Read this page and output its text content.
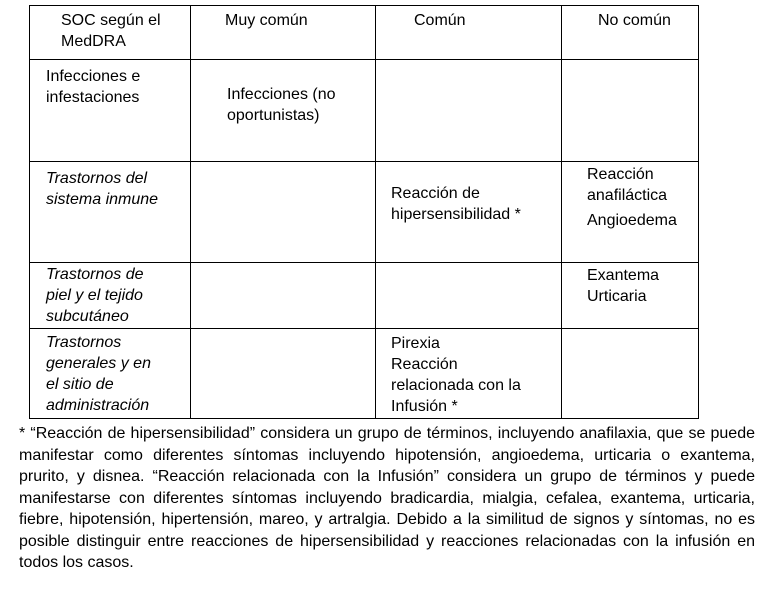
SOC según el
MedDRA	Muy común	Común	No común

Infecciones e
infestaciones	Infecciones (no
oportunistas)		

Trastornos del
sistema inmune		Reacción de
hipersensibilidad *	Reacción
anafiláctica
Angioedema

Trastornos de
piel y el tejido
subcutáneo			Exantema
Urticaria

Trastornos
generales y en
el sitio de
administración		Pirexia
Reacción
relacionada con la
Infusión *	

* “Reacción de hipersensibilidad” considera un grupo de términos, incluyendo anafilaxia, que se puede manifestar como diferentes síntomas incluyendo hipotensión, angioedema, urticaria o exantema, prurito, y disnea. “Reacción relacionada con la Infusión” considera un grupo de términos y puede manifestarse con diferentes síntomas incluyendo bradicardia, mialgia, cefalea, exantema, urticaria, fiebre, hipotensión, hipertensión, mareo, y artralgia. Debido a la similitud de signos y síntomas, no es posible distinguir entre reacciones de hipersensibilidad y reacciones relacionadas con la infusión en todos los casos.
